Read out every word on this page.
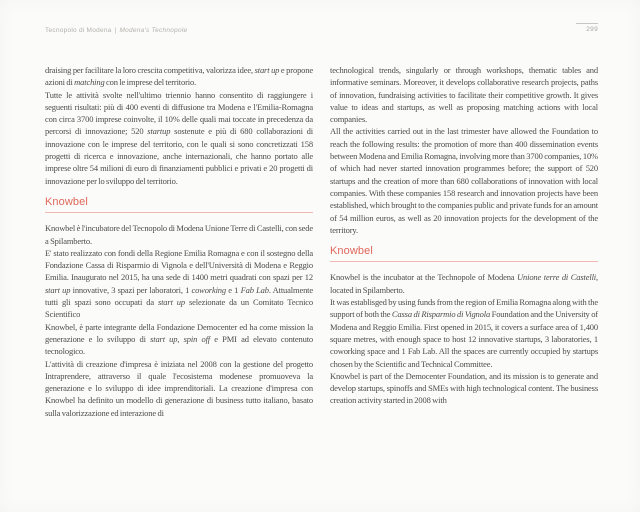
Tecnopolo di Modena | Modena's Technopole	299

draising per facilitare la loro crescita competitiva, valorizza idee, start up e propone azioni di matching con le imprese del territorio.

Tutte le attività svolte nell'ultimo triennio hanno consentito di raggiungere i seguenti risultati: più di 400 eventi di diffusione tra Modena e l'Emilia-Romagna con circa 3700 imprese coinvolte, il 10% delle quali mai toccate in precedenza da percorsi di innovazione; 520 startup sostenute e più di 680 collaborazioni di innovazione con le imprese del territorio, con le quali si sono concretizzati 158 progetti di ricerca e innovazione, anche internazionali, che hanno portato alle imprese oltre 54 milioni di euro di finanziamenti pubblici e privati e 20 progetti di innovazione per lo sviluppo del territorio.

Knowbel

Knowbel è l'incubatore del Tecnopolo di Modena Unione Terre di Castelli, con sede a Spilamberto.

E' stato realizzato con fondi della Regione Emilia Romagna e con il sostegno della Fondazione Cassa di Risparmio di Vignola e dell'Università di Modena e Reggio Emilia. Inaugurato nel 2015, ha una sede di 1400 metri quadrati con spazi per 12 start up innovative, 3 spazi per laboratori, 1 coworking e 1 Fab Lab. Attualmente tutti gli spazi sono occupati da start up selezionate da un Comitato Tecnico Scientifico

Knowbel, è parte integrante della Fondazione Democenter ed ha come mission la generazione e lo sviluppo di start up, spin off e PMI ad elevato contenuto tecnologico.

L'attività di creazione d'impresa è iniziata nel 2008 con la gestione del progetto Intraprendere, attraverso il quale l'ecosistema modenese promuoveva la generazione e lo sviluppo di idee imprenditoriali. La creazione d'impresa con Knowbel ha definito un modello di generazione di business tutto italiano, basato sulla valorizzazione ed interazione di

technological trends, singularly or through workshops, thematic tables and informative seminars. Moreover, it develops collaborative research projects, paths of innovation, fundraising activities to facilitate their competitive growth. It gives value to ideas and startups, as well as proposing matching actions with local companies.

All the activities carried out in the last trimester have allowed the Foundation to reach the following results: the promotion of more than 400 dissemination events between Modena and Emilia Romagna, involving more than 3700 companies, 10% of which had never started innovation programmes before; the support of 520 startups and the creation of more than 680 collaborations of innovation with local companies. With these companies 158 research and innovation projects have been established, which brought to the companies public and private funds for an amount of 54 million euros, as well as 20 innovation projects for the development of the territory.

Knowbel

Knowbel is the incubator at the Technopole of Modena Unione terre di Castelli, located in Spilamberto.

It was establisged by using funds from the region of Emilia Romagna along with the support of both the Cassa di Risparmio di Vignola Foundation and the University of Modena and Reggio Emilia. First opened in 2015, it covers a surface area of 1,400 square metres, with enough space to host 12 innovative startups, 3 laboratories, 1 coworking space and 1 Fab Lab. All the spaces are currently occupied by startups chosen by the Scientific and Technical Committee.

Knowbel is part of the Democenter Foundation, and its mission is to generate and develop startups, spinoffs and SMEs with high technological content. The business creation activity started in 2008 with
